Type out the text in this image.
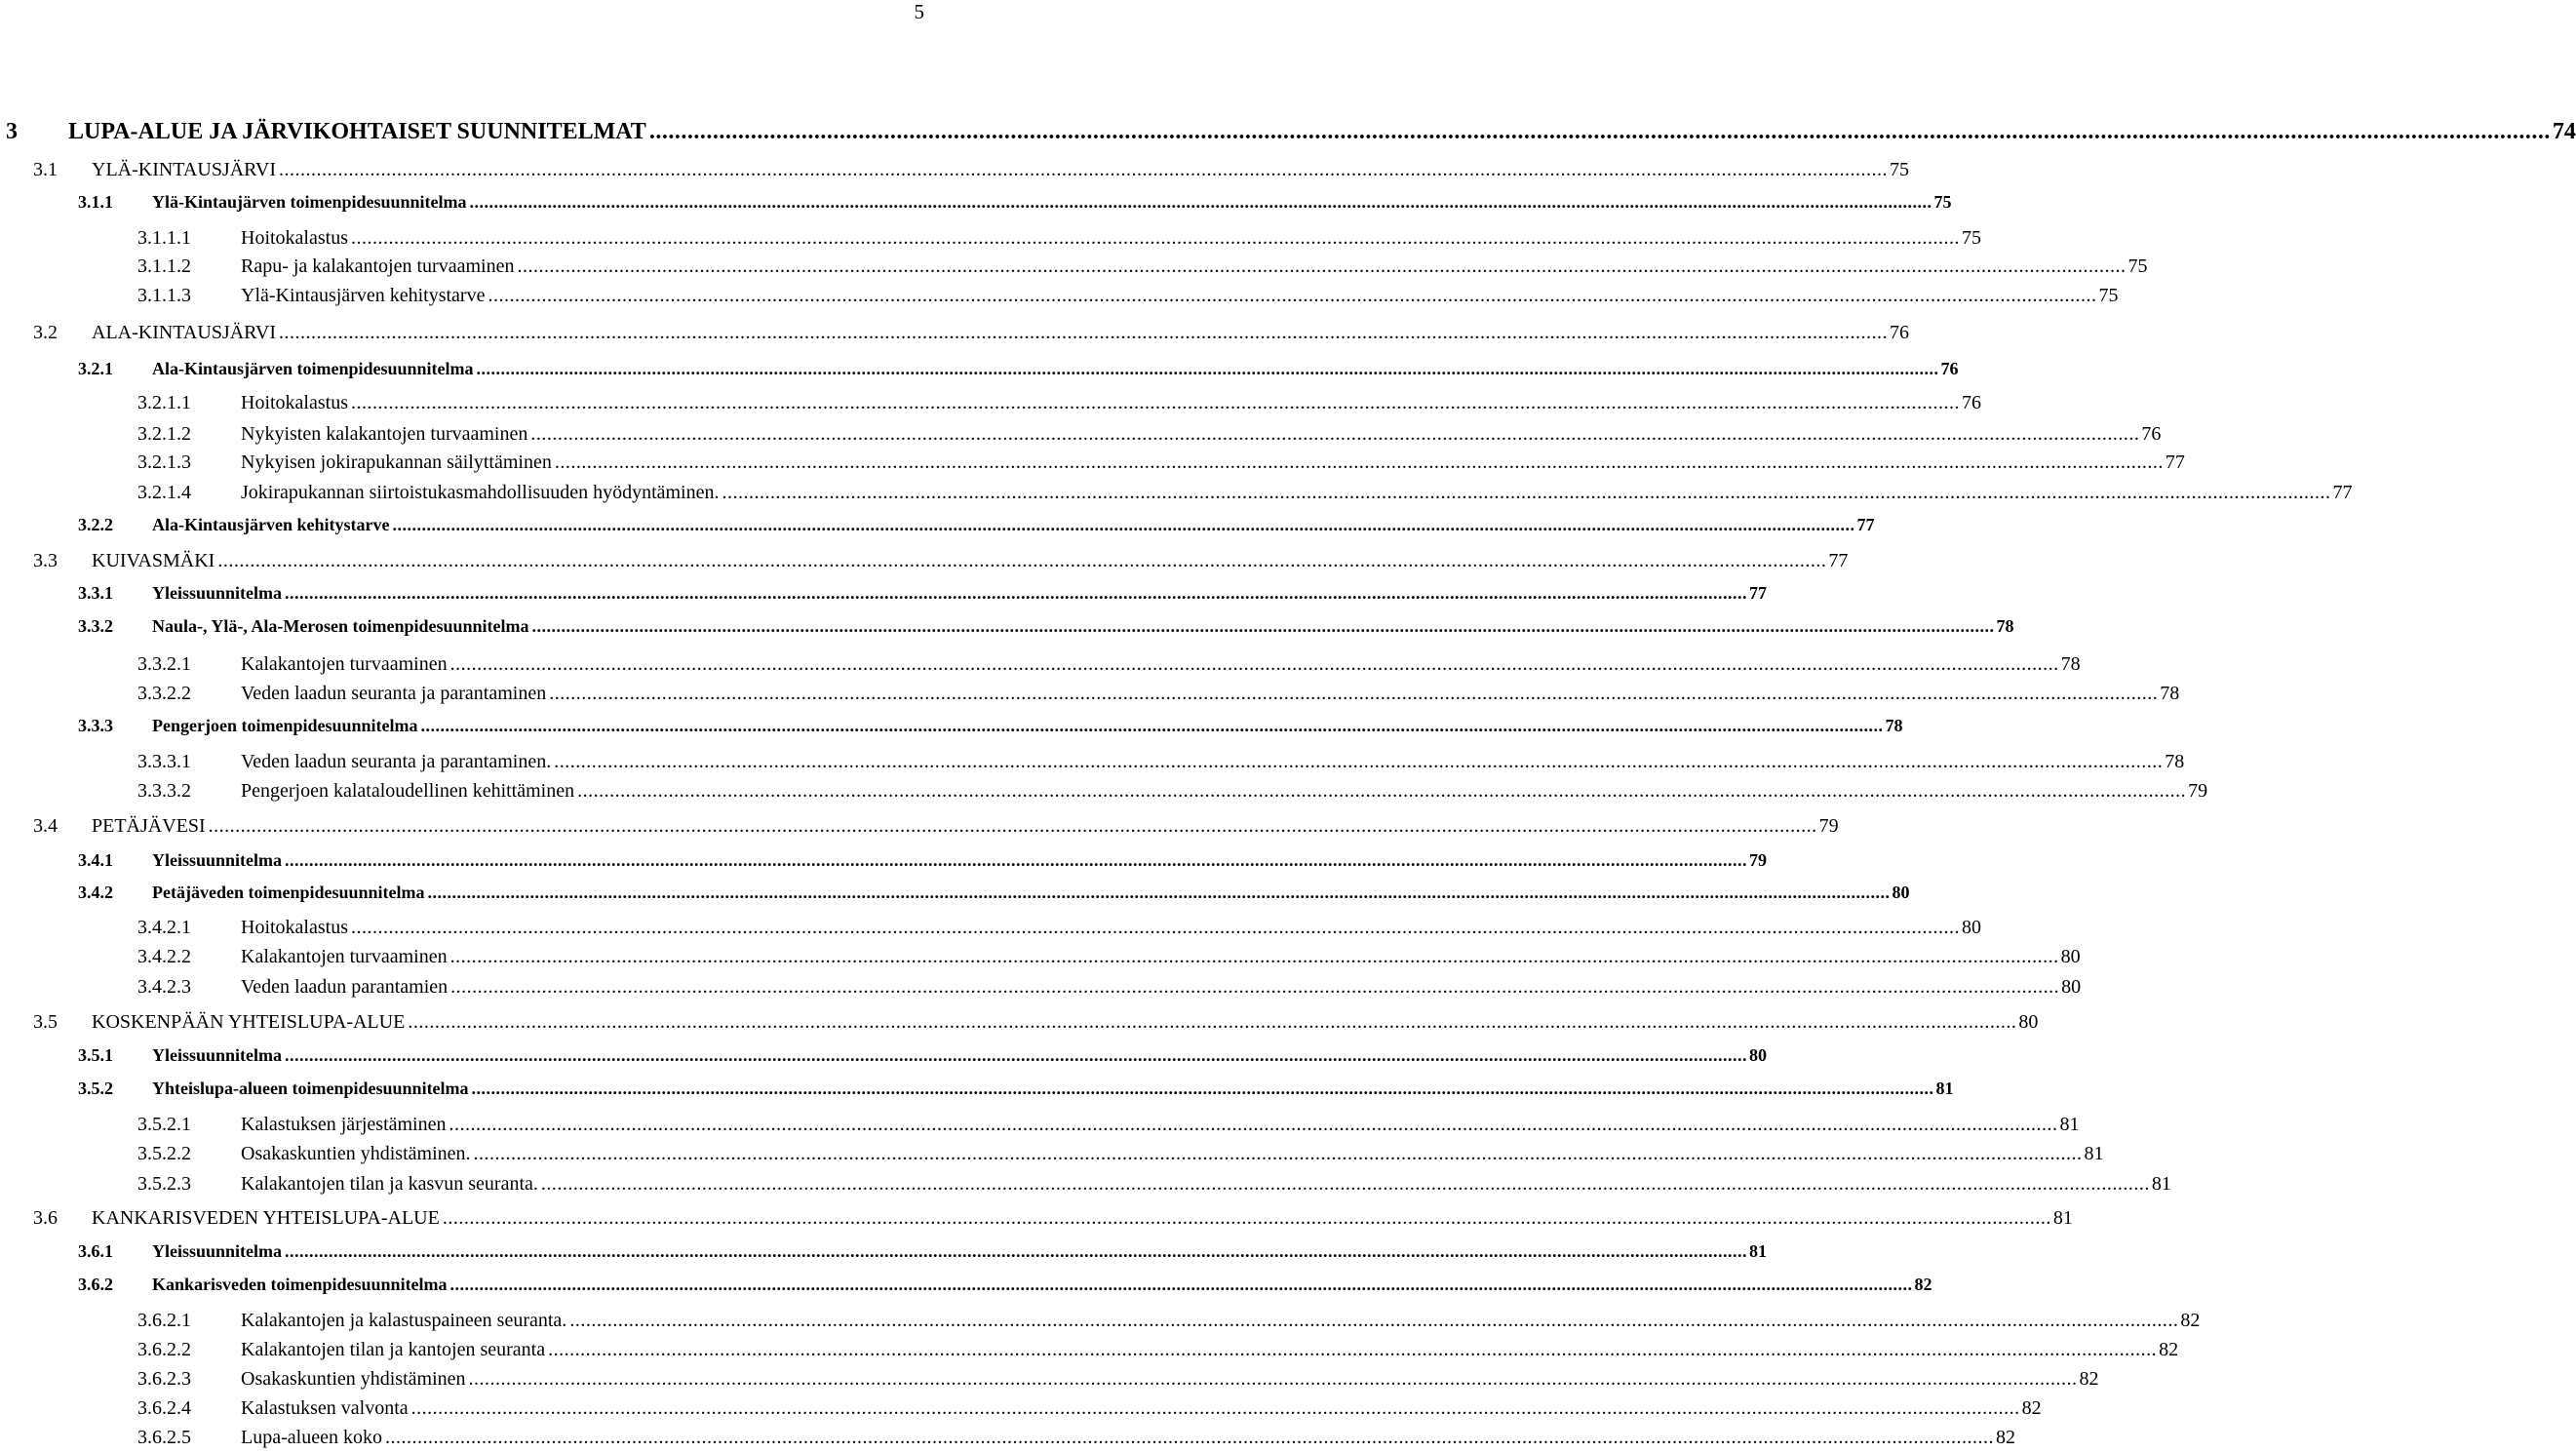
5
3	LUPA-ALUE JA JÄRVIKOHTAISET SUUNNITELMAT ............................................................................................................................................................................................................................................................................................................ 74
3.1	YLÄ-KINTAUSJÄRVI ............................................................................................................................................................................................................................................................................................................ 75
3.1.1	Ylä-Kintaujärven toimenpidesuunnitelma ............................................................................................................................................................................................................................................................................................................ 75
3.1.1.1	Hoitokalastus ............................................................................................................................................................................................................................................................................................................ 75
3.1.1.2	Rapu- ja kalakantojen turvaaminen ............................................................................................................................................................................................................................................................................................................ 75
3.1.1.3	Ylä-Kintausjärven kehitystarve ............................................................................................................................................................................................................................................................................................................ 75
3.2	ALA-KINTAUSJÄRVI ............................................................................................................................................................................................................................................................................................................ 76
3.2.1	Ala-Kintausjärven toimenpidesuunnitelma ............................................................................................................................................................................................................................................................................................................ 76
3.2.1.1	Hoitokalastus ............................................................................................................................................................................................................................................................................................................ 76
3.2.1.2	Nykyisten kalakantojen turvaaminen ............................................................................................................................................................................................................................................................................................................ 76
3.2.1.3	Nykyisen jokirapukannan säilyttäminen ............................................................................................................................................................................................................................................................................................................ 77
3.2.1.4	Jokirapukannan siirtoistukasmahdollisuuden hyödyntäminen. ............................................................................................................................................................................................................................................................................................................ 77
3.2.2	Ala-Kintausjärven kehitystarve ............................................................................................................................................................................................................................................................................................................ 77
3.3	KUIVASMÄKI ............................................................................................................................................................................................................................................................................................................ 77
3.3.1	Yleissuunnitelma ............................................................................................................................................................................................................................................................................................................ 77
3.3.2	Naula-, Ylä-, Ala-Merosen toimenpidesuunnitelma ............................................................................................................................................................................................................................................................................................................ 78
3.3.2.1	Kalakantojen turvaaminen ............................................................................................................................................................................................................................................................................................................ 78
3.3.2.2	Veden laadun seuranta ja parantaminen ............................................................................................................................................................................................................................................................................................................ 78
3.3.3	Pengerjoen toimenpidesuunnitelma ............................................................................................................................................................................................................................................................................................................ 78
3.3.3.1	Veden laadun seuranta ja parantaminen. ............................................................................................................................................................................................................................................................................................................ 78
3.3.3.2	Pengerjoen kalataloudellinen kehittäminen ............................................................................................................................................................................................................................................................................................................ 79
3.4	PETÄJÄVESI ............................................................................................................................................................................................................................................................................................................ 79
3.4.1	Yleissuunnitelma ............................................................................................................................................................................................................................................................................................................ 79
3.4.2	Petäjäveden toimenpidesuunnitelma ............................................................................................................................................................................................................................................................................................................ 80
3.4.2.1	Hoitokalastus ............................................................................................................................................................................................................................................................................................................ 80
3.4.2.2	Kalakantojen turvaaminen ............................................................................................................................................................................................................................................................................................................ 80
3.4.2.3	Veden laadun parantamien ............................................................................................................................................................................................................................................................................................................ 80
3.5	KOSKENPÄÄN YHTEISLUPA-ALUE ............................................................................................................................................................................................................................................................................................................ 80
3.5.1	Yleissuunnitelma ............................................................................................................................................................................................................................................................................................................ 80
3.5.2	Yhteislupa-alueen toimenpidesuunnitelma ............................................................................................................................................................................................................................................................................................................ 81
3.5.2.1	Kalastuksen järjestäminen ............................................................................................................................................................................................................................................................................................................ 81
3.5.2.2	Osakaskuntien yhdistäminen. ............................................................................................................................................................................................................................................................................................................ 81
3.5.2.3	Kalakantojen tilan ja kasvun seuranta. ............................................................................................................................................................................................................................................................................................................ 81
3.6	KANKARISVEDEN YHTEISLUPA-ALUE ............................................................................................................................................................................................................................................................................................................ 81
3.6.1	Yleissuunnitelma ............................................................................................................................................................................................................................................................................................................ 81
3.6.2	Kankarisveden toimenpidesuunnitelma ............................................................................................................................................................................................................................................................................................................ 82
3.6.2.1	Kalakantojen ja kalastuspaineen seuranta. ............................................................................................................................................................................................................................................................................................................ 82
3.6.2.2	Kalakantojen tilan ja kantojen seuranta ............................................................................................................................................................................................................................................................................................................ 82
3.6.2.3	Osakaskuntien yhdistäminen ............................................................................................................................................................................................................................................................................................................ 82
3.6.2.4	Kalastuksen valvonta ............................................................................................................................................................................................................................................................................................................ 82
3.6.2.5	Lupa-alueen koko ............................................................................................................................................................................................................................................................................................................ 82
